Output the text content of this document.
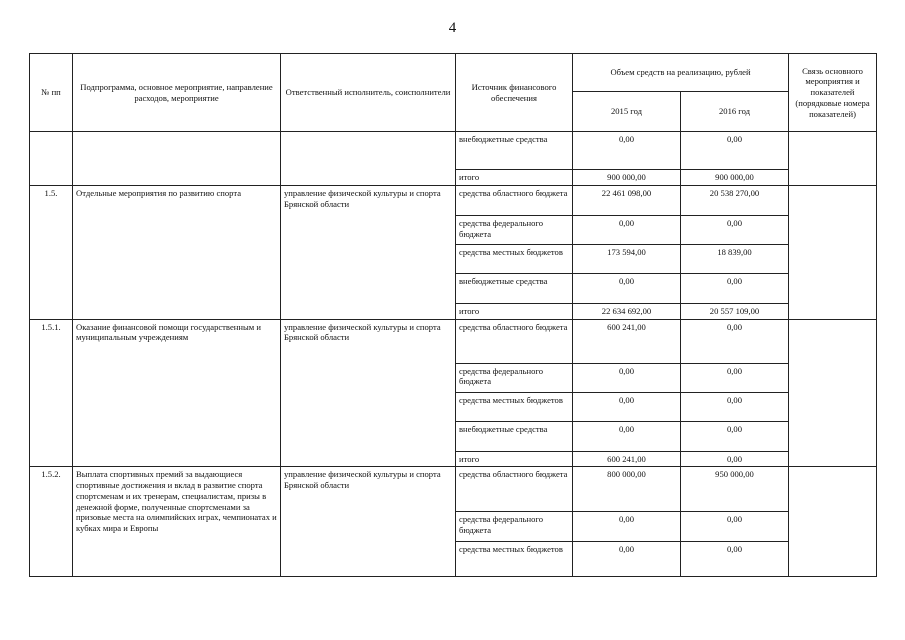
4
№ пп	Подпрограмма, основное мероприятие, направление расходов, мероприятие	Ответственный исполнитель, соисполнители	Источник финансового обеспечения	Объем средств на реализацию, рублей		Связь основного мероприятия и показателей (порядковые номера показателей)
				2015 год	2016 год	
			внебюджетные средства	0,00	0,00	
			итого	900 000,00	900 000,00	
1.5.	Отдельные мероприятия по развитию спорта	управление физической культуры и спорта Брянской области	средства областного бюджета	22 461 098,00	20 538 270,00	
			средства федерального бюджета	0,00	0,00	
			средства местных бюджетов	173 594,00	18 839,00	
			внебюджетные средства	0,00	0,00	
			итого	22 634 692,00	20 557 109,00	
1.5.1.	Оказание финансовой помощи государственным и муниципальным учреждениям	управление физической культуры и спорта Брянской области	средства областного бюджета	600 241,00	0,00	
			средства федерального бюджета	0,00	0,00	
			средства местных бюджетов	0,00	0,00	
			внебюджетные средства	0,00	0,00	
			итого	600 241,00	0,00	
1.5.2.	Выплата спортивных премий за выдающиеся спортивные достижения и вклад в развитие спорта спортсменам и их тренерам, специалистам, призы в денежной форме, полученные спортсменами за призовые места на олимпийских играх, чемпионатах и кубках мира и Европы	управление физической культуры и спорта Брянской области	средства областного бюджета	800 000,00	950 000,00	
			средства федерального бюджета	0,00	0,00	
			средства местных бюджетов	0,00	0,00	
